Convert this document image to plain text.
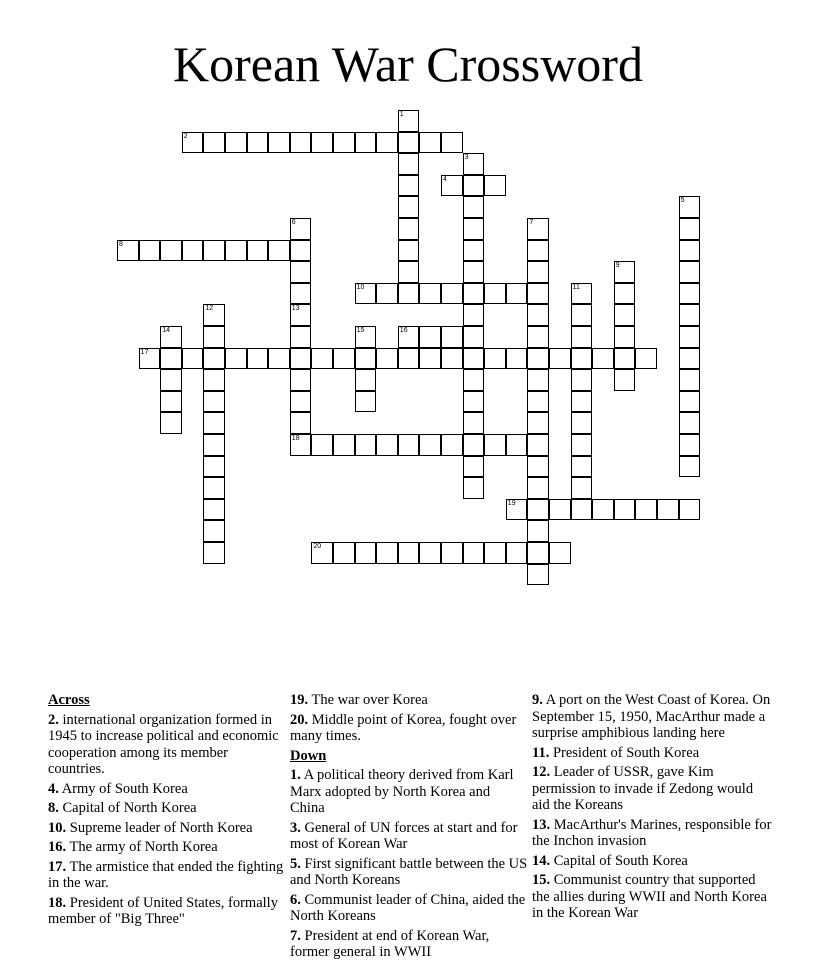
Korean War Crossword
1
2
3
4
5
6
13
7
8
9
10	11
12
14	15	16
17
18
19
20
Across
2. international organization formed in 1945 to increase political and economic cooperation among its member countries.
4. Army of South Korea
8. Capital of North Korea
10. Supreme leader of North Korea
16. The army of North Korea
17. The armistice that ended the fighting in the war.
18. President of United States, formally member of "Big Three"
19. The war over Korea
20. Middle point of Korea, fought over many times.
Down
1. A political theory derived from Karl Marx adopted by North Korea and China
3. General of UN forces at start and for most of Korean War
5. First significant battle between the US and North Koreans
6. Communist leader of China, aided the North Koreans
7. President at end of Korean War, former general in WWII
9. A port on the West Coast of Korea. On September 15, 1950, MacArthur made a surprise amphibious landing here
11. President of South Korea
12. Leader of USSR, gave Kim permission to invade if Zedong would aid the Koreans
13. MacArthur's Marines, responsible for the Inchon invasion
14. Capital of South Korea
15. Communist country that supported the allies during WWII and North Korea in the Korean War
